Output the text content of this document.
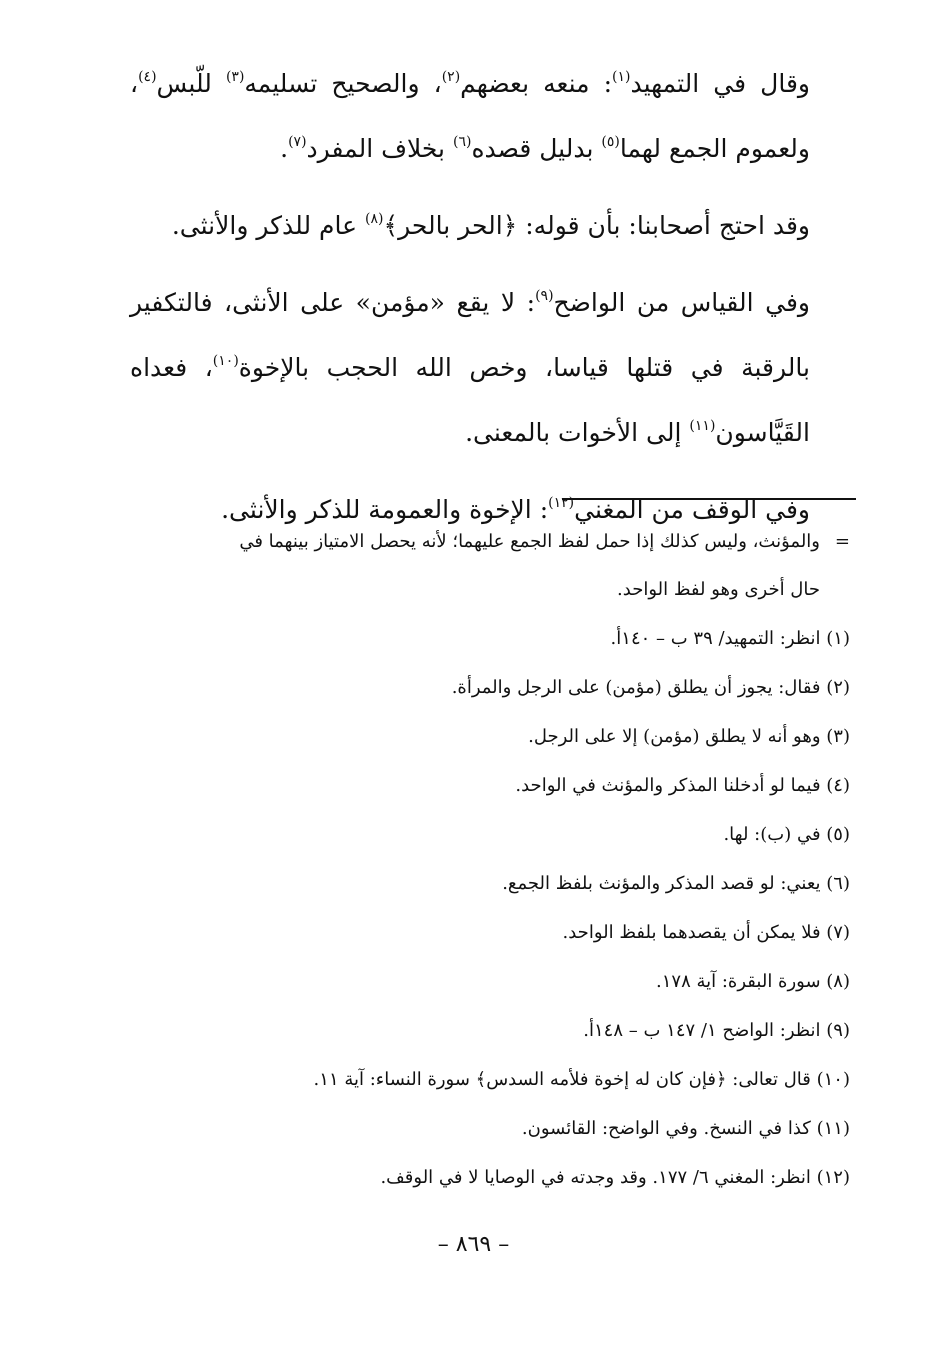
وقال في التمهيد$^{(١)}$: منعه بعضهم$^{(٢)}$، والصحيح تسليمه$^{(٣)}$ للّبس$^{(٤)}$، ولعموم الجمع لهما$^{(٥)}$ بدليل قصده$^{(٦)}$ بخلاف المفرد$^{(٧)}$.

وقد احتج أصحابنا: بأن قوله: ﴿الحر بالحر﴾$^{(٨)}$ عام للذكر والأنثى.

وفي القياس من الواضح$^{(٩)}$: لا يقع «مؤمن» على الأنثى، فالتكفير بالرقبة في قتلها قياسا، وخص الله الحجب بالإخوة$^{(١٠)}$، فعداه القَيَّاسون$^{(١١)}$ إلى الأخوات بالمعنى.

وفي الوقف من المغني$^{(١٢)}$: الإخوة والعمومة للذكر والأنثى.

=والمؤنث، وليس كذلك إذا حمل لفظ الجمع عليهما؛ لأنه يحصل الامتياز بينهما في

حال أخرى وهو لفظ الواحد.

(١) انظر: التمهيد/ ٣٩ ب – ١٤٠أ.

(٢) فقال: يجوز أن يطلق (مؤمن) على الرجل والمرأة.

(٣) وهو أنه لا يطلق (مؤمن) إلا على الرجل.

(٤) فيما لو أدخلنا المذكر والمؤنث في الواحد.

(٥) في (ب): لها.

(٦) يعني: لو قصد المذكر والمؤنث بلفظ الجمع.

(٧) فلا يمكن أن يقصدهما بلفظ الواحد.

(٨) سورة البقرة: آية ١٧٨.

(٩) انظر: الواضح ١/ ١٤٧ ب – ١٤٨أ.

(١٠) قال تعالى: ﴿فإن كان له إخوة فلأمه السدس﴾ سورة النساء: آية ١١.

(١١) كذا في النسخ. وفي الواضح: القائسون.

(١٢) انظر: المغني ٦/ ١٧٧. وقد وجدته في الوصايا لا في الوقف.

– ٨٦٩ –
